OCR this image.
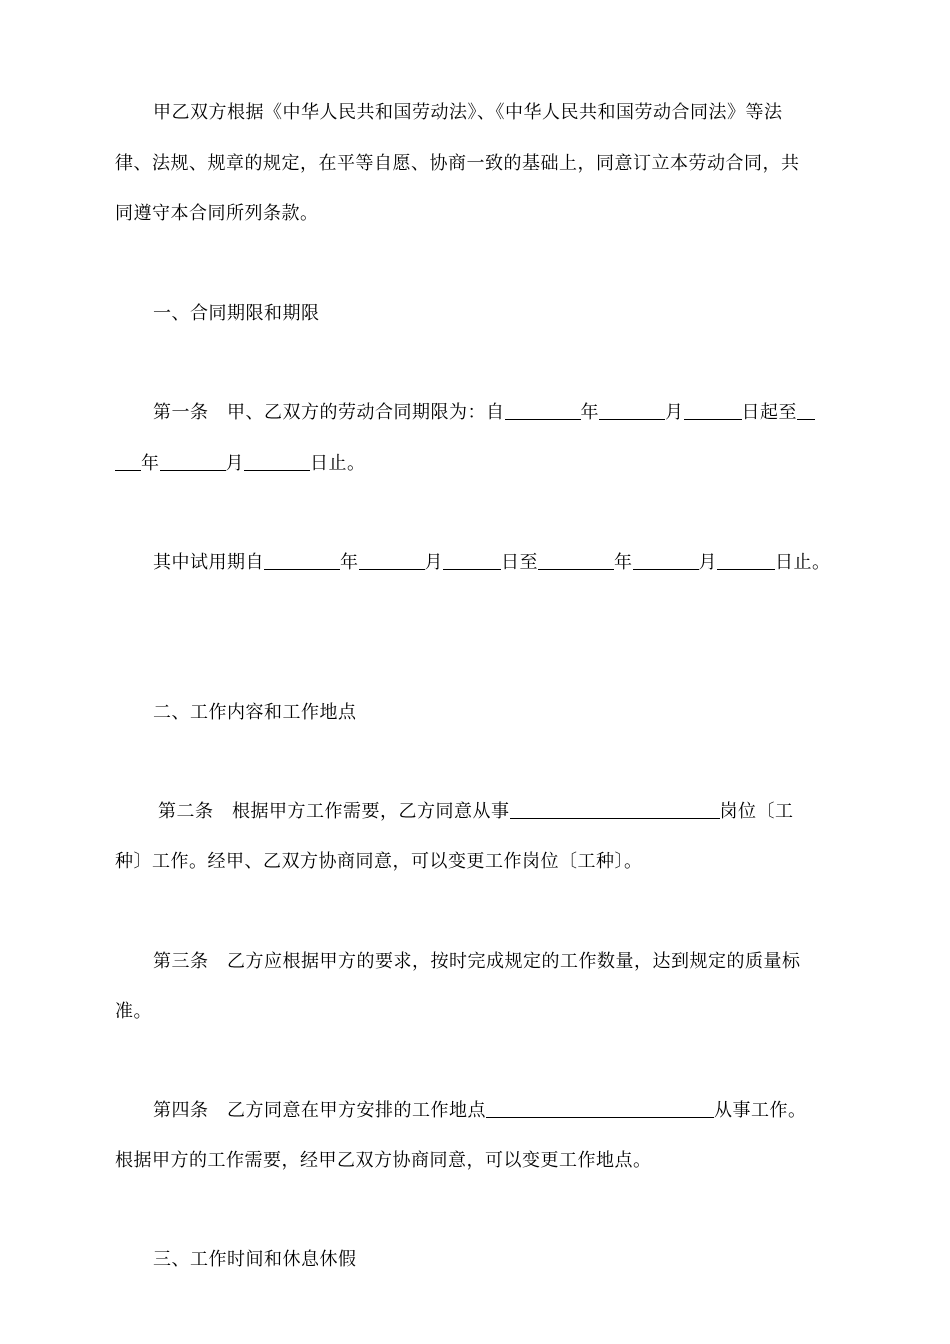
甲乙双方根据《中华人民共和国劳动法》、《中华人民共和国劳动合同法》等法
律、法规、规章的规定，在平等自愿、协商一致的基础上，同意订立本劳动合同，共
同遵守本合同所列条款。
一、合同期限和期限
第一条　甲、乙双方的劳动合同期限为：自	年	月	日起至
年	月	日止。
其中试用期自	年	月	日至	年	月	日止。
二、工作内容和工作地点
第二条　根据甲方工作需要，乙方同意从事	岗位〔工
种〕工作。经甲、乙双方协商同意，可以变更工作岗位〔工种〕。
第三条　乙方应根据甲方的要求，按时完成规定的工作数量，达到规定的质量标
准。
第四条　乙方同意在甲方安排的工作地点	从事工作。
根据甲方的工作需要，经甲乙双方协商同意，可以变更工作地点。
三、工作时间和休息休假
